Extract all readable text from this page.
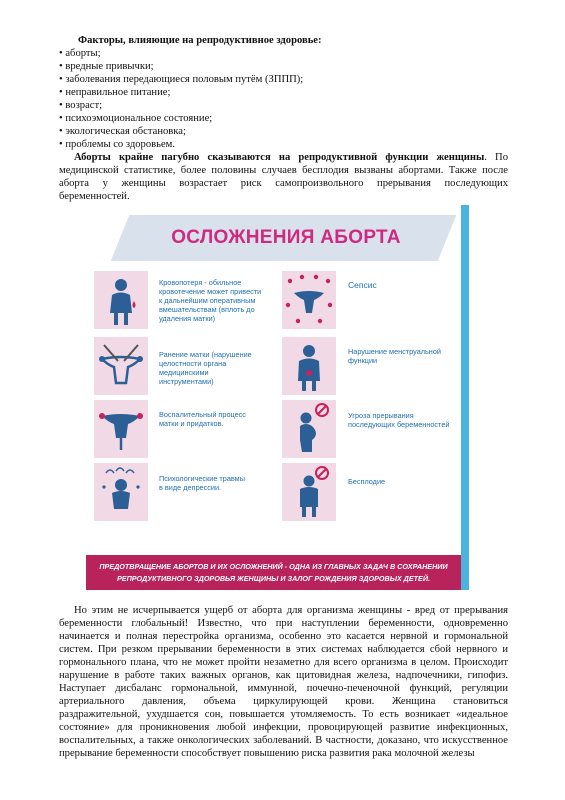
Факторы, влияющие на репродуктивное здоровье:
• аборты;
• вредные привычки;
• заболевания передающиеся половым путём (ЗППП);
• неправильное питание;
• возраст;
• психоэмоциональное состояние;
• экологическая обстановка;
• проблемы со здоровьем.
Аборты крайне пагубно сказываются на репродуктивной функции женщины. По
медицинской статистике, более половины случаев бесплодия вызваны абортами. Также после
аборта у женщины возрастает риск самопроизвольного прерывания последующих
беременностей.
ОСЛОЖНЕНИЯ АБОРТА
Кровопотеря - обильное
кровотечение может привести
к дальнейшим оперативным
вмешательствам (вплоть до
удаления матки)
Ранение матки (нарушение
целостности органа
медицинскими
инструментами)
Воспалительный процесс
матки и придатков.
Психологические травмы
в виде депрессии.
Сепсис
Нарушение менструальной
функции
Угроза прерывания
последующих беременностей
Бесплодие
ПРЕДОТВРАЩЕНИЕ АБОРТОВ И ИХ ОСЛОЖНЕНИЙ - ОДНА ИЗ ГЛАВНЫХ ЗАДАЧ В СОХРАНЕНИИ
РЕПРОДУКТИВНОГО ЗДОРОВЬЯ ЖЕНЩИНЫ И ЗАЛОГ РОЖДЕНИЯ ЗДОРОВЫХ ДЕТЕЙ.
Но этим не исчерпывается ущерб от аборта для организма женщины - вред от прерывания
беременности глобальный! Известно, что при наступлении беременности, одновременно
начинается и полная перестройка организма, особенно это касается нервной и гормональной
систем. При резком прерывании беременности в этих системах наблюдается сбой нервного и
гормонального плана, что не может пройти незаметно для всего организма в целом. Происходит
нарушение в работе таких важных органов, как щитовидная железа, надпочечники, гипофиз.
Наступает дисбаланс гормональной, иммунной, почечно-печеночной функций, регуляции
артериального давления, объема циркулирующей крови. Женщина становиться
раздражительной, ухудшается сон, повышается утомляемость. То есть возникает «идеальное
состояние» для проникновения любой инфекции, провоцирующей развитие инфекционных,
воспалительных, а также онкологических заболеваний. В частности, доказано, что искусственное
прерывание беременности способствует повышению риска развития рака молочной железы
